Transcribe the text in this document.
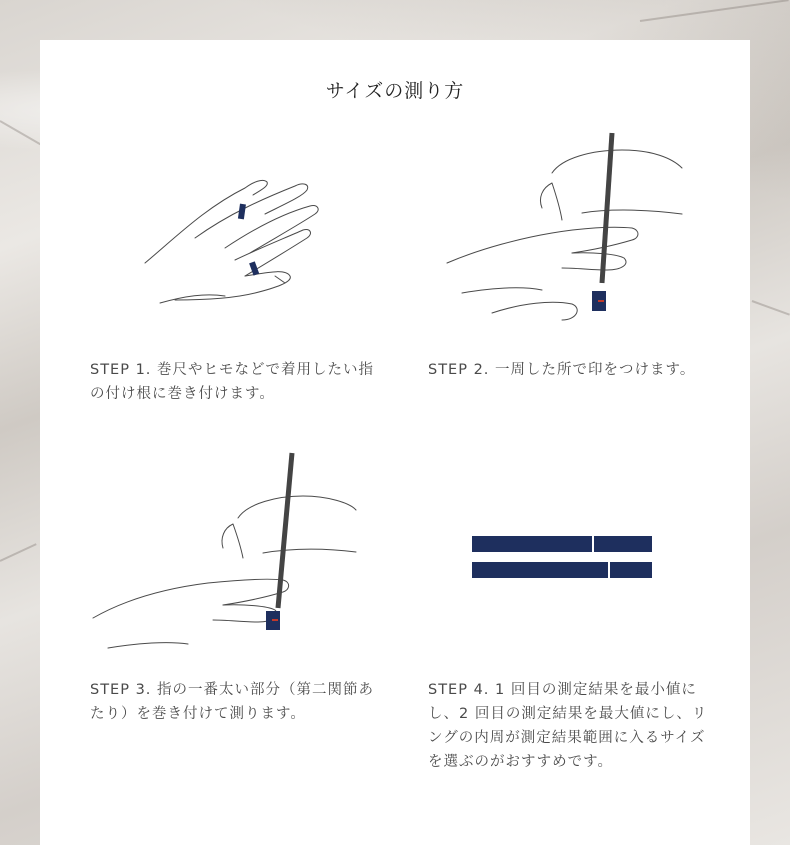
サイズの測り方
STEP 1. 巻尺やヒモなどで着用したい指の付け根に巻き付けます。
STEP 2. 一周した所で印をつけます。
STEP 3. 指の一番太い部分（第二関節あたり）を巻き付けて測ります。
STEP 4. 1 回目の測定結果を最小値にし、2 回目の測定結果を最大値にし、リングの内周が測定結果範囲に入るサイズを選ぶのがおすすめです。
